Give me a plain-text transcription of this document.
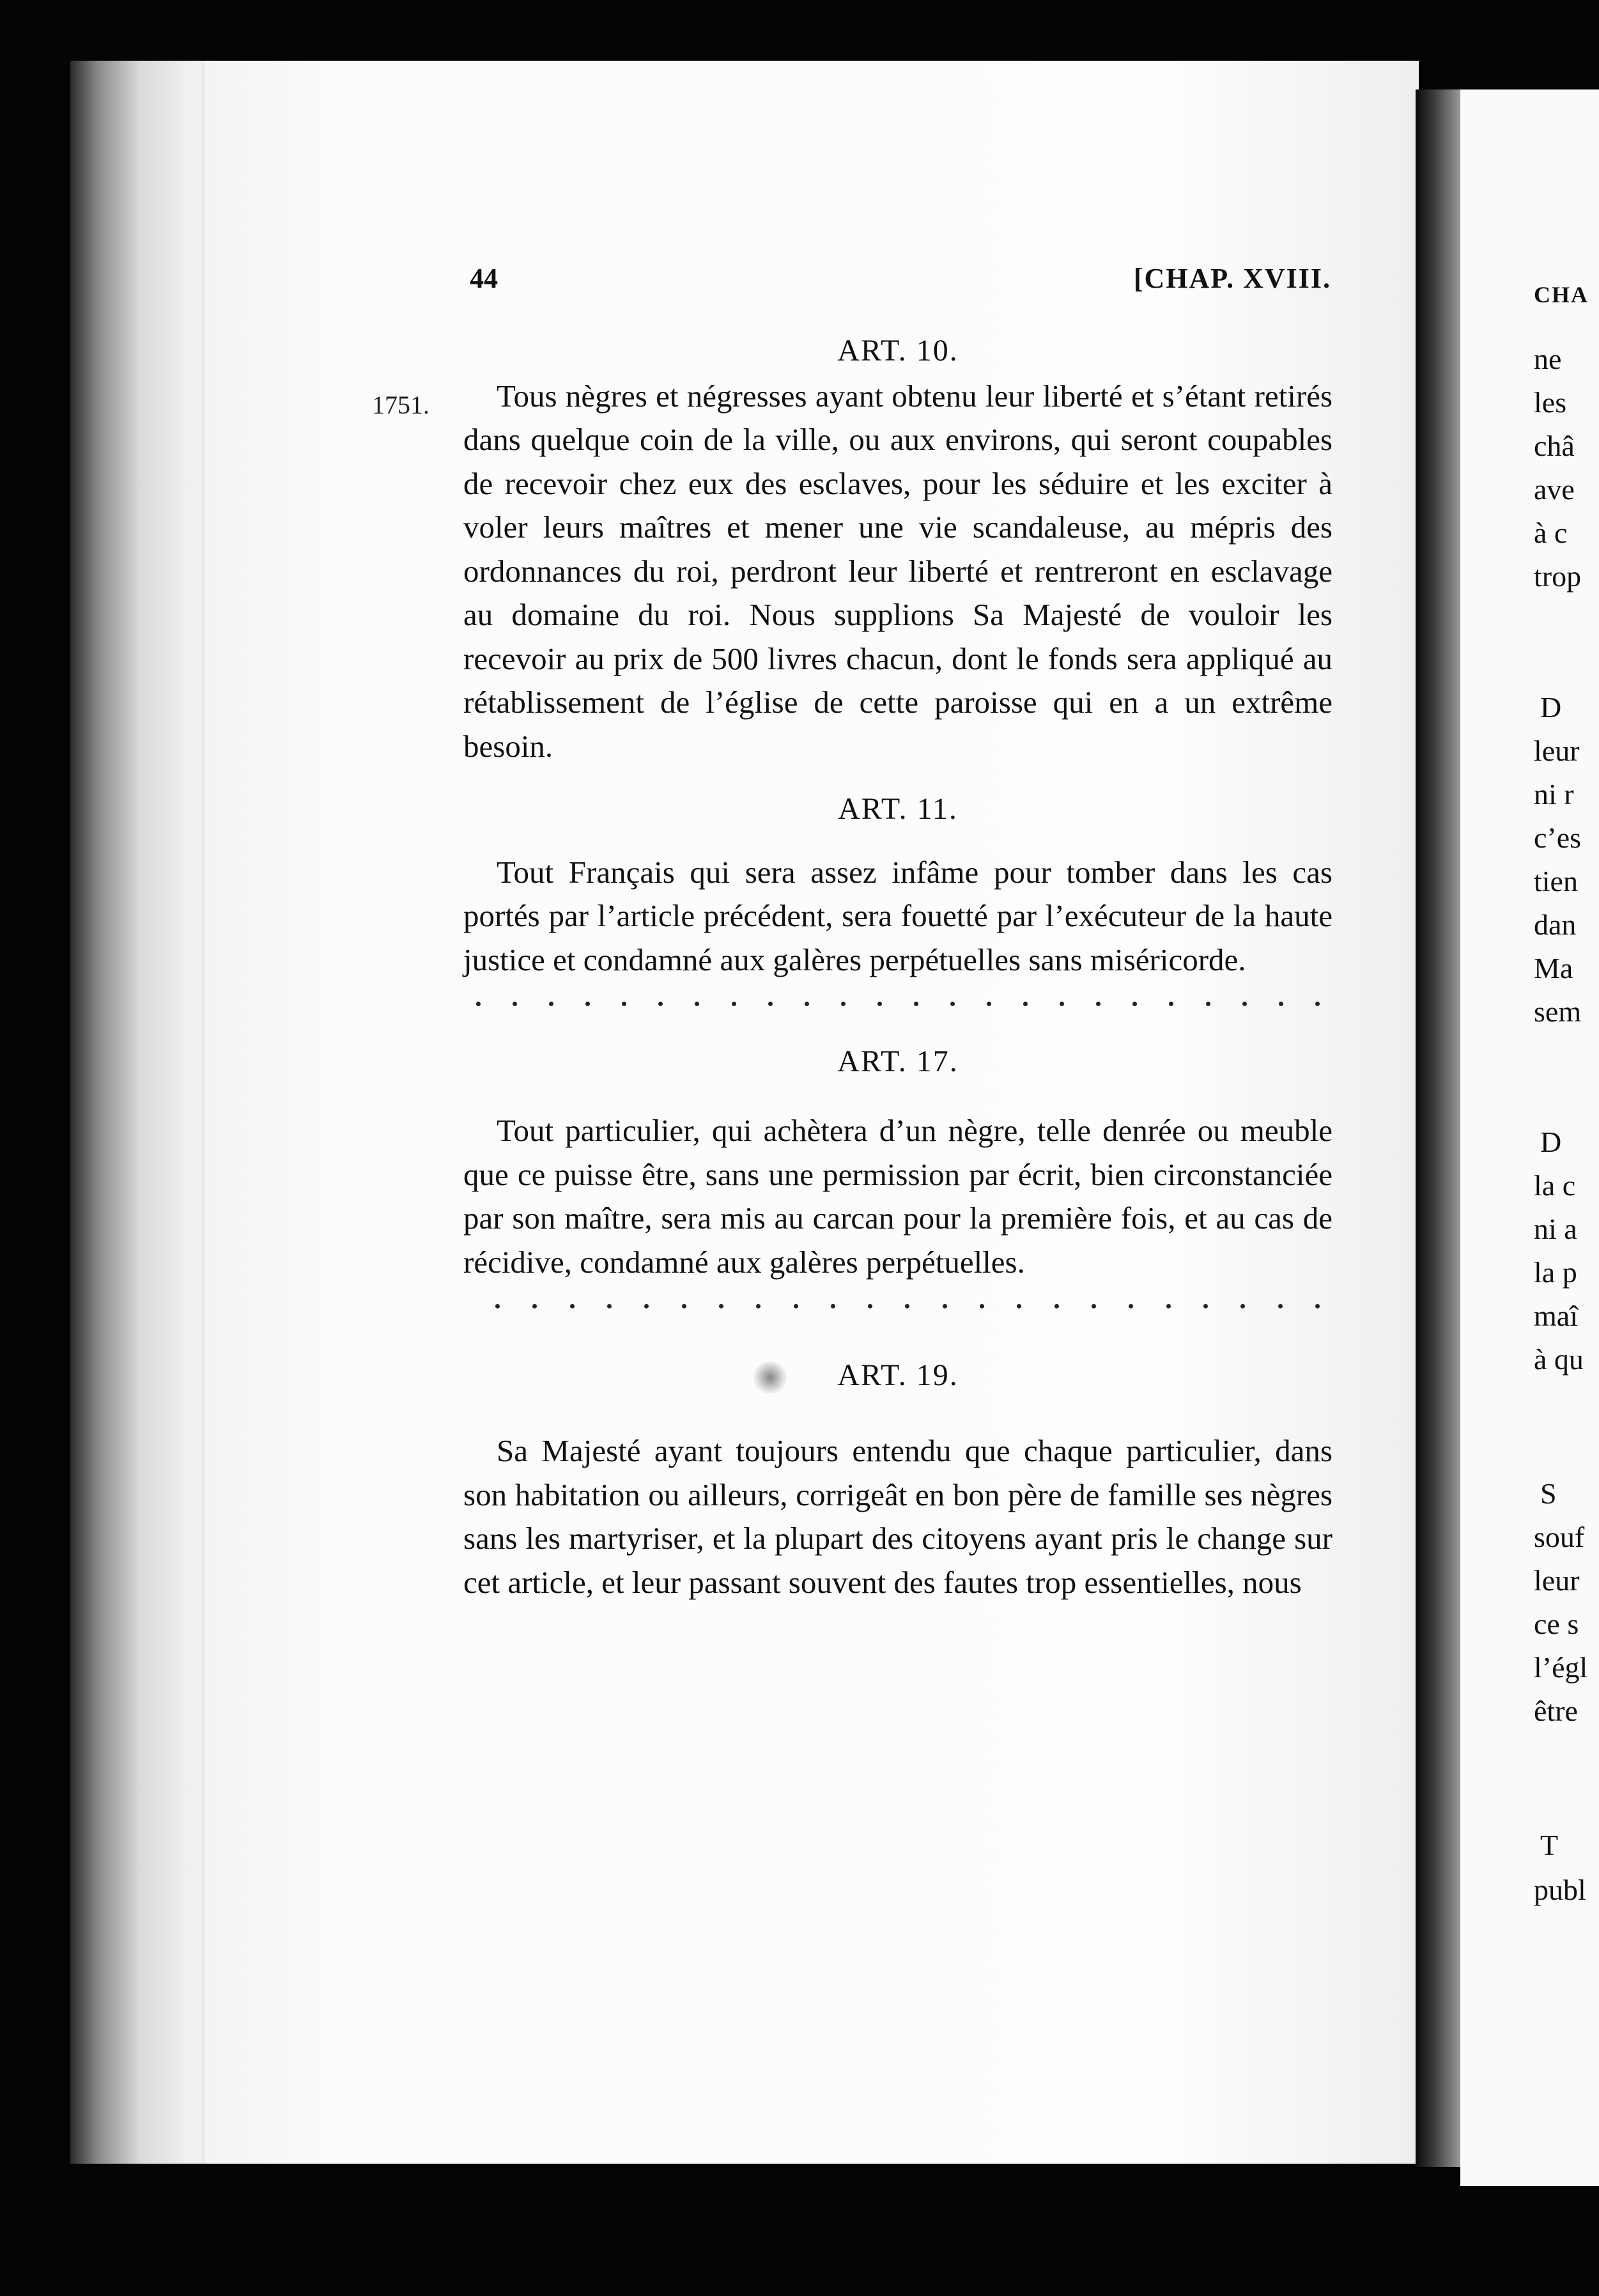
CHA
ne
les
châ
ave
à c
trop
D
leur
ni r
c’es
tien
dan
Ma
sem
D
la c
ni a
la p
maî
à qu
S
souf
leur
ce s
l’égl
être
T
publ
44	[CHAP. XVIII.
1751.
ART. 10.

Tous nègres et négresses ayant obtenu leur liberté et s’étant retirés dans quelque coin de la ville, ou aux environs, qui seront coupables de recevoir chez eux des esclaves, pour les séduire et les exciter à voler leurs maîtres et mener une vie scandaleuse, au mépris des ordonnances du roi, perdront leur liberté et rentreront en esclavage au domaine du roi. Nous supplions Sa Majesté de vouloir les recevoir au prix de 500 livres chacun, dont le fonds sera appliqué au rétablissement de l’église de cette paroisse qui en a un extrême besoin.

ART. 11.

Tout Français qui sera assez infâme pour tomber dans les cas portés par l’article précédent, sera fouetté par l’exécuteur de la haute justice et condamné aux galères perpétuelles sans miséricorde.

ART. 17.

Tout particulier, qui achètera d’un nègre, telle denrée ou meuble que ce puisse être, sans une permission par écrit, bien circonstanciée par son maître, sera mis au carcan pour la première fois, et au cas de récidive, condamné aux galères perpétuelles.

ART. 19.

Sa Majesté ayant toujours entendu que chaque particulier, dans son habitation ou ailleurs, corrigeât en bon père de famille ses nègres sans les martyriser, et la plupart des citoyens ayant pris le change sur cet article, et leur passant souvent des fautes trop essentielles, nous
